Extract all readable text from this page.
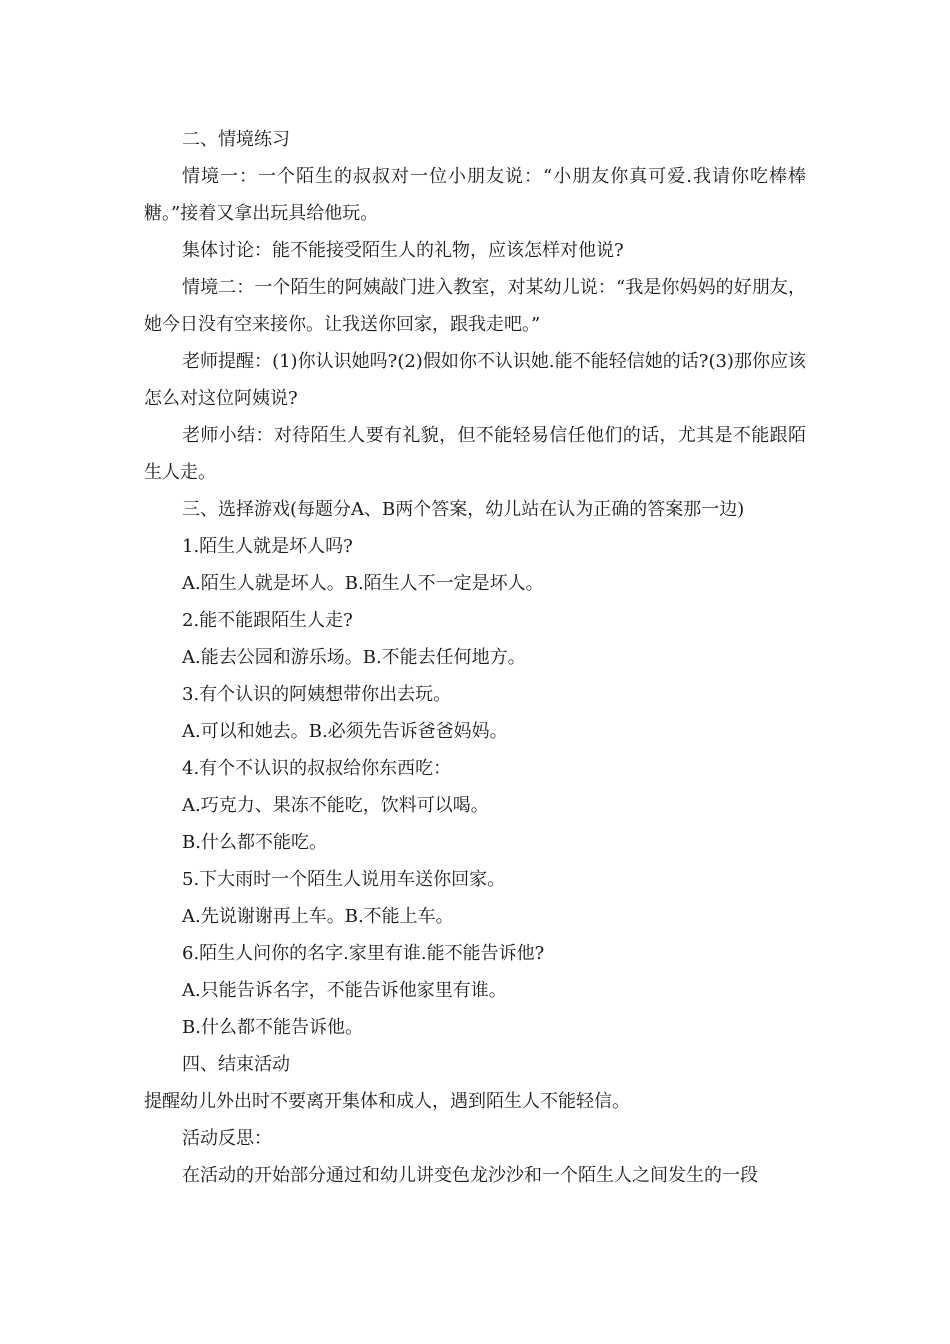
二、情境练习

情境一：一个陌生的叔叔对一位小朋友说：“小朋友你真可爱.我请你吃棒棒糖。”接着又拿出玩具给他玩。

集体讨论：能不能接受陌生人的礼物，应该怎样对他说?

情境二：一个陌生的阿姨敲门进入教室，对某幼儿说：“我是你妈妈的好朋友，她今日没有空来接你。让我送你回家，跟我走吧。”

老师提醒：(1)你认识她吗?(2)假如你不认识她.能不能轻信她的话?(3)那你应该怎么对这位阿姨说?

老师小结：对待陌生人要有礼貌，但不能轻易信任他们的话，尤其是不能跟陌生人走。

三、选择游戏(每题分A、B两个答案，幼儿站在认为正确的答案那一边)

1.陌生人就是坏人吗?

A.陌生人就是坏人。B.陌生人不一定是坏人。

2.能不能跟陌生人走?

A.能去公园和游乐场。B.不能去任何地方。

3.有个认识的阿姨想带你出去玩。

A.可以和她去。B.必须先告诉爸爸妈妈。

4.有个不认识的叔叔给你东西吃：

A.巧克力、果冻不能吃，饮料可以喝。

B.什么都不能吃。

5.下大雨时一个陌生人说用车送你回家。

A.先说谢谢再上车。B.不能上车。

6.陌生人问你的名字.家里有谁.能不能告诉他?

A.只能告诉名字，不能告诉他家里有谁。

B.什么都不能告诉他。

四、结束活动

提醒幼儿外出时不要离开集体和成人，遇到陌生人不能轻信。

活动反思：

在活动的开始部分通过和幼儿讲变色龙沙沙和一个陌生人之间发生的一段
